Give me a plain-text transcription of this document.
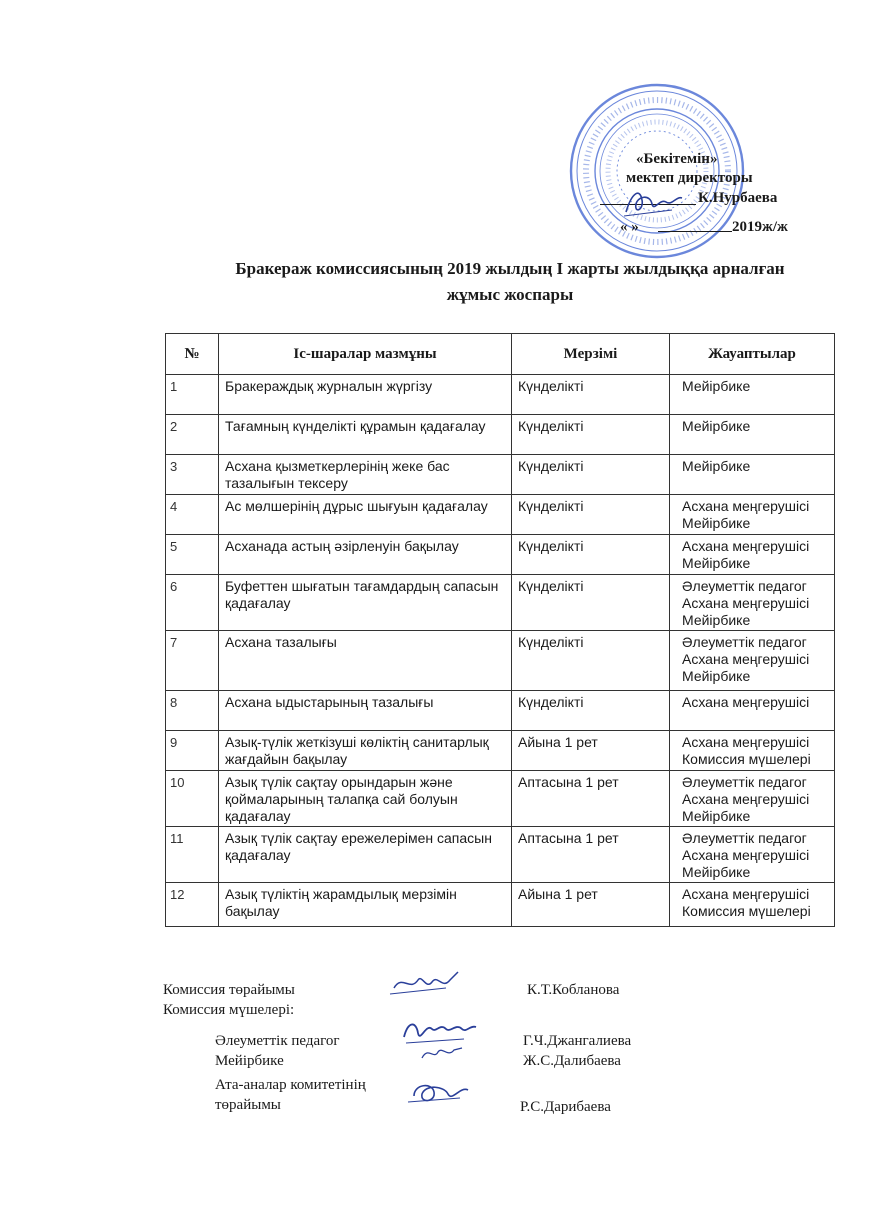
«Бекітемін»
мектеп директоры
К.Нурбаева
« »	2019ж/ж
Бракераж комиссиясының 2019 жылдың I жарты жылдыққа арналған
жұмыс жоспары
№	Іс-шаралар мазмұны	Мерзімі	Жауаптылар
1	Бракераждық журналын жүргізу	Күнделікті	Мейірбике
2	Тағамның күнделікті құрамын қадағалау	Күнделікті	Мейірбике
3	Асхана қызметкерлерінің жеке бас тазалығын тексеру	Күнделікті	Мейірбике
4	Ас мөлшерінің дұрыс шығуын қадағалау	Күнделікті	Асхана меңгерушісі
Мейірбике
5	Асханада астың әзірленуін бақылау	Күнделікті	Асхана меңгерушісі
Мейірбике
6	Буфеттен шығатын тағамдардың сапасын қадағалау	Күнделікті	Әлеуметтік педагог
Асхана меңгерушісі
Мейірбике
7	Асхана тазалығы	Күнделікті	Әлеуметтік педагог
Асхана меңгерушісі
Мейірбике
8	Асхана ыдыстарының тазалығы	Күнделікті	Асхана меңгерушісі
9	Азық-түлік жеткізуші көліктің санитарлық жағдайын бақылау	Айына 1 рет	Асхана меңгерушісі
Комиссия мүшелері
10	Азық түлік сақтау орындарын және қоймаларының талапқа сай болуын қадағалау	Аптасына 1 рет	Әлеуметтік педагог
Асхана меңгерушісі
Мейірбике
11	Азық түлік сақтау ережелерімен сапасын қадағалау	Аптасына 1 рет	Әлеуметтік педагог
Асхана меңгерушісі
Мейірбике
12	Азық түліктің жарамдылық мерзімін бақылау	Айына 1 рет	Асхана меңгерушісі
Комиссия мүшелері
Комиссия төрайымы	К.Т.Кобланова
Комиссия мүшелері:
Әлеуметтік педагог	Г.Ч.Джангалиева
Мейірбике	Ж.С.Далибаева
Ата-аналар комитетінің
төрайымы	Р.С.Дарибаева
